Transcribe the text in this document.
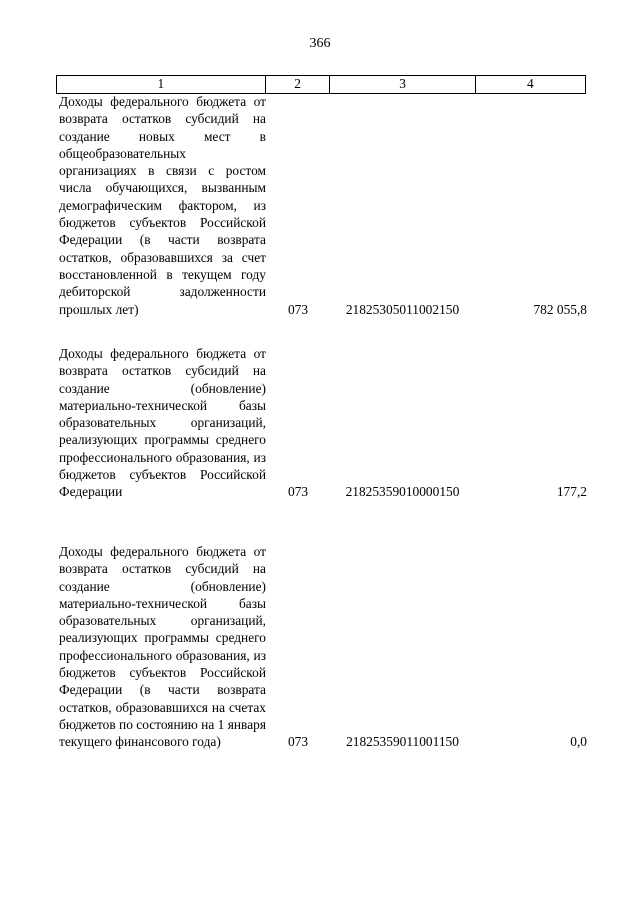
366
1	2	3	4
Доходы федерального бюджета от возврата остатков субсидий на создание новых мест в общеобразовательных организациях в связи с ростом числа обучающихся, вызванным демографическим фактором, из бюджетов субъектов Российской Федерации (в части возврата остатков, образовавшихся за счет восстановленной в текущем году дебиторской задолженности прошлых лет)	073	21825305011002150	782 055,8
Доходы федерального бюджета от возврата остатков субсидий на создание (обновление) материально-технической базы образовательных организаций, реализующих программы среднего профессионального образования, из бюджетов субъектов Российской Федерации	073	21825359010000150	177,2
Доходы федерального бюджета от возврата остатков субсидий на создание (обновление) материально-технической базы образовательных организаций, реализующих программы среднего профессионального образования, из бюджетов субъектов Российской Федерации (в части возврата остатков, образовавшихся на счетах бюджетов по состоянию на 1 января текущего финансового года)	073	21825359011001150	0,0
